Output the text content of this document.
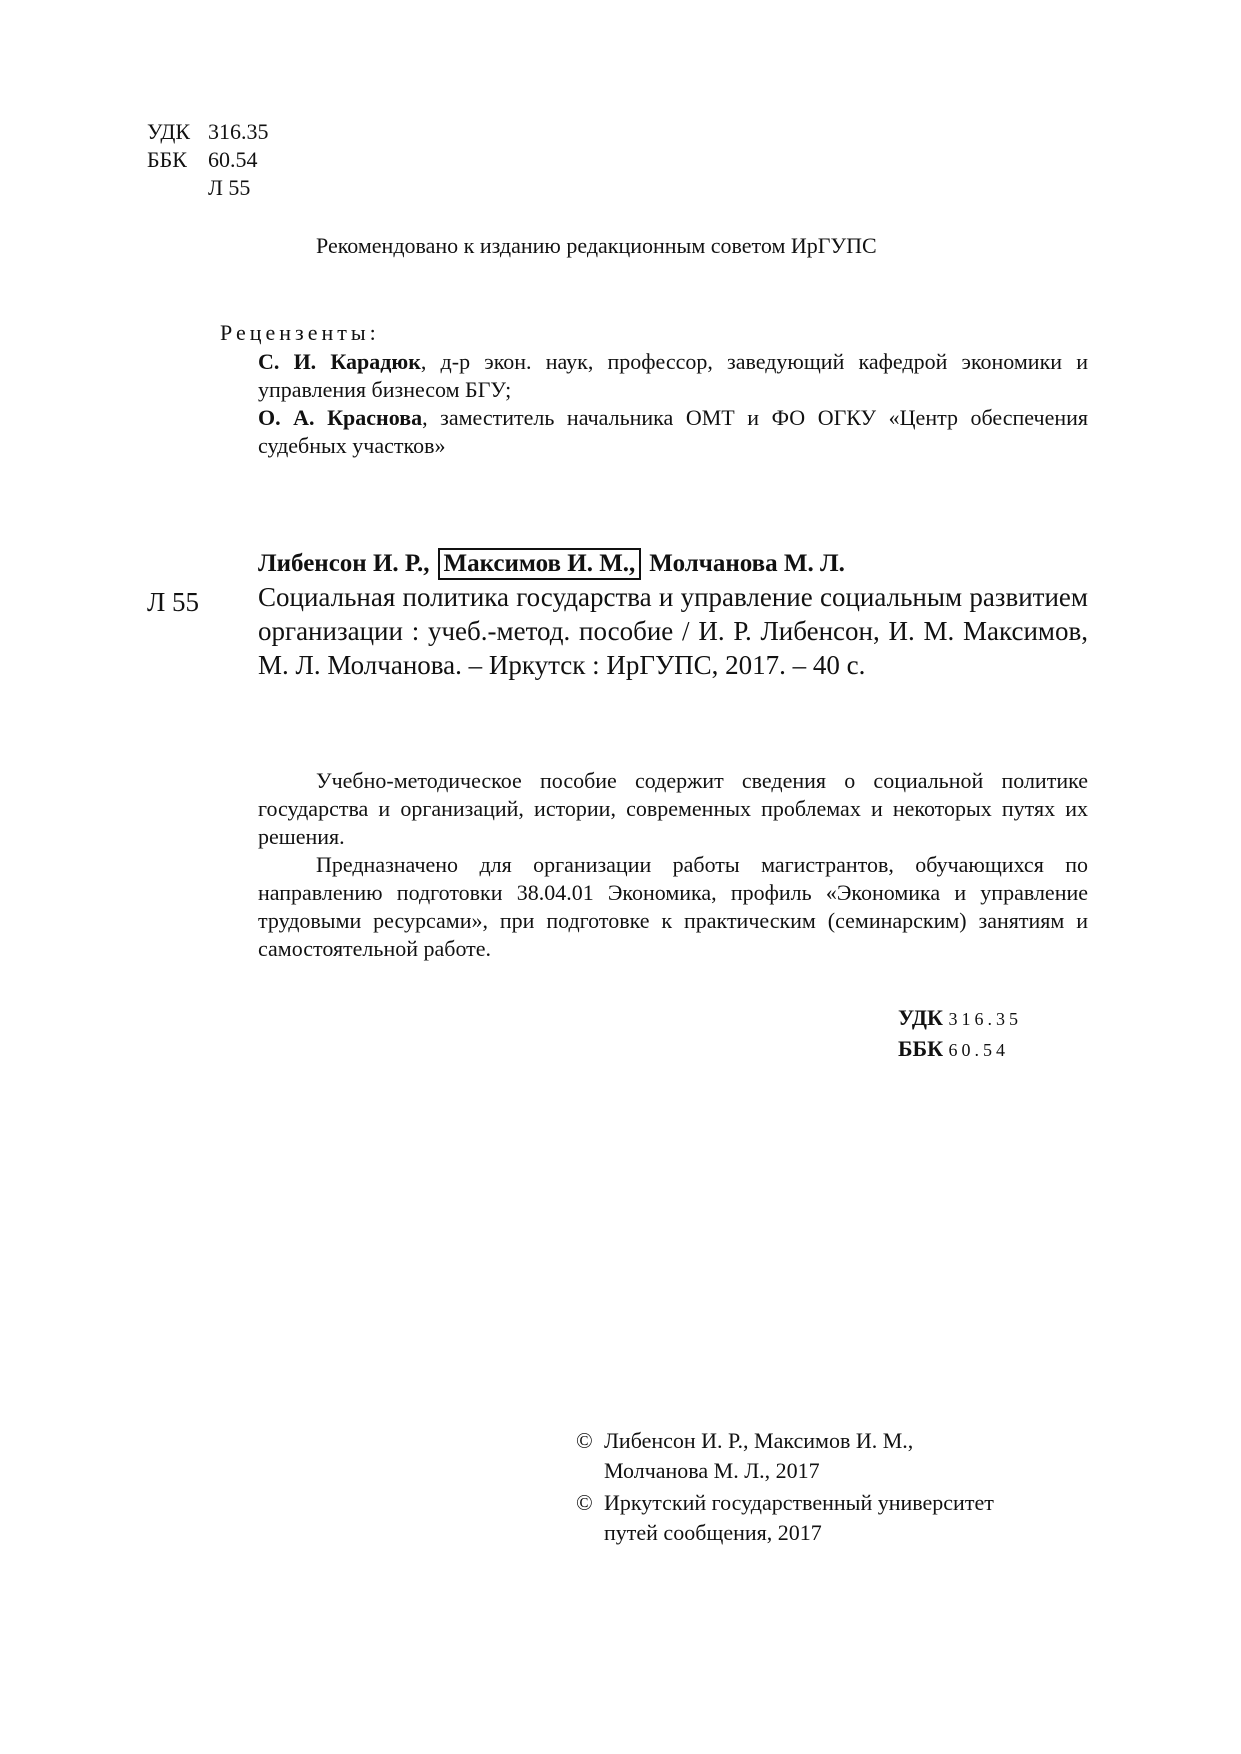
УДК 316.35
ББК 60.54
Л 55
Рекомендовано к изданию редакционным советом ИрГУПС
Рецензенты:
С. И. Карадюк, д-р экон. наук, профессор, заведующий кафедрой экономики и управления бизнесом БГУ;
О. А. Краснова, заместитель начальника ОМТ и ФО ОГКУ «Центр обеспечения судебных участков»
Либенсон И. Р., Максимов И. М., Молчанова М. Л.
Л 55 Социальная политика государства и управление социальным развитием организации : учеб.-метод. пособие / И. Р. Либенсон, И. М. Максимов, М. Л. Молчанова. – Иркутск : ИрГУПС, 2017. – 40 с.

Учебно-методическое пособие содержит сведения о социальной политике государства и организаций, истории, современных проблемах и некоторых путях их решения.

Предназначено для организации работы магистрантов, обучающихся по направлению подготовки 38.04.01 Экономика, профиль «Экономика и управление трудовыми ресурсами», при подготовке к практическим (семинарским) занятиям и самостоятельной работе.

УДК 316.35
ББК 60.54
© Либенсон И. Р., Максимов И. М.,
Молчанова М. Л., 2017
© Иркутский государственный университет
путей сообщения, 2017
